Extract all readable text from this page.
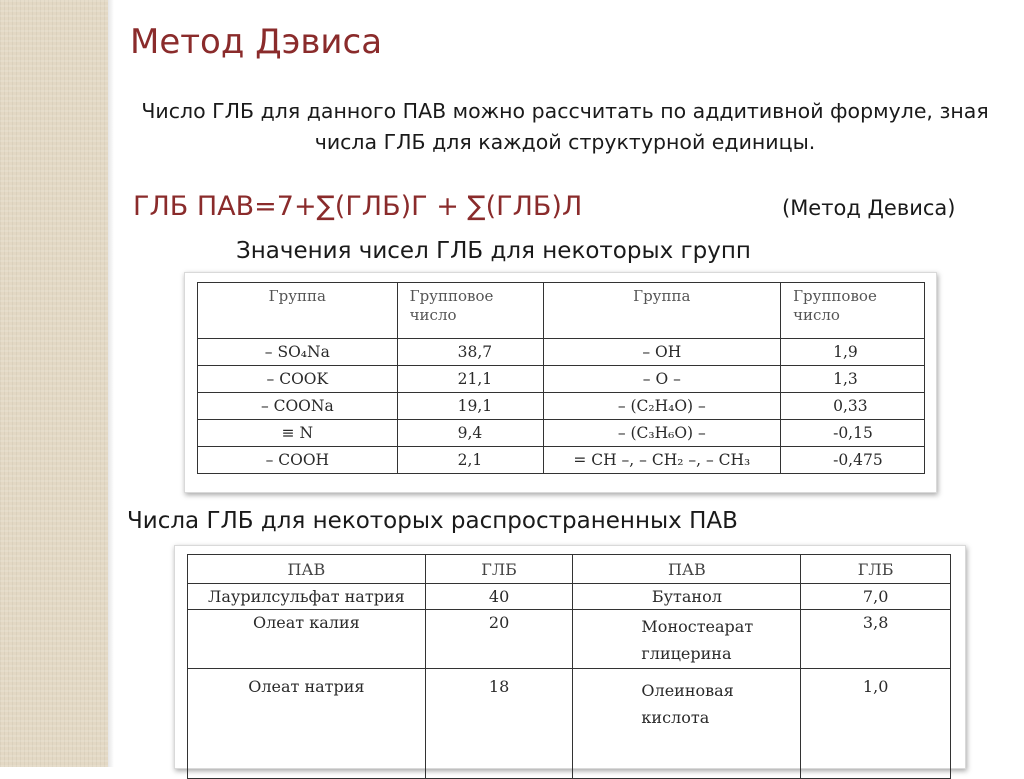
Метод Дэвиса

Число ГЛБ для данного ПАВ можно рассчитать по аддитивной формуле, зная числа ГЛБ для каждой структурной единицы.

ГЛБ ПАВ=7+∑(ГЛБ)Г + ∑(ГЛБ)Л	(Метод Девиса)
Значения чисел ГЛБ для некоторых групп
Группа	Групповое число	Группа	Групповое число
– SO₄Na	38,7	– OH	1,9
– COOK	21,1	– O –	1,3
– COONa	19,1	– (C₂H₄O) –	0,33
≡ N	9,4	– (C₃H₆O) –	-0,15
– COOH	2,1	= CH –, – CH₂ –, – CH₃	-0,475
Числа ГЛБ для некоторых распространенных ПАВ
ПАВ	ГЛБ	ПАВ	ГЛБ
Лаурилсульфат натрия	40	Бутанол	7,0
Олеат калия	20	Моностеарат глицерина	3,8
Олеат натрия	18	Олеиновая кислота	1,0
